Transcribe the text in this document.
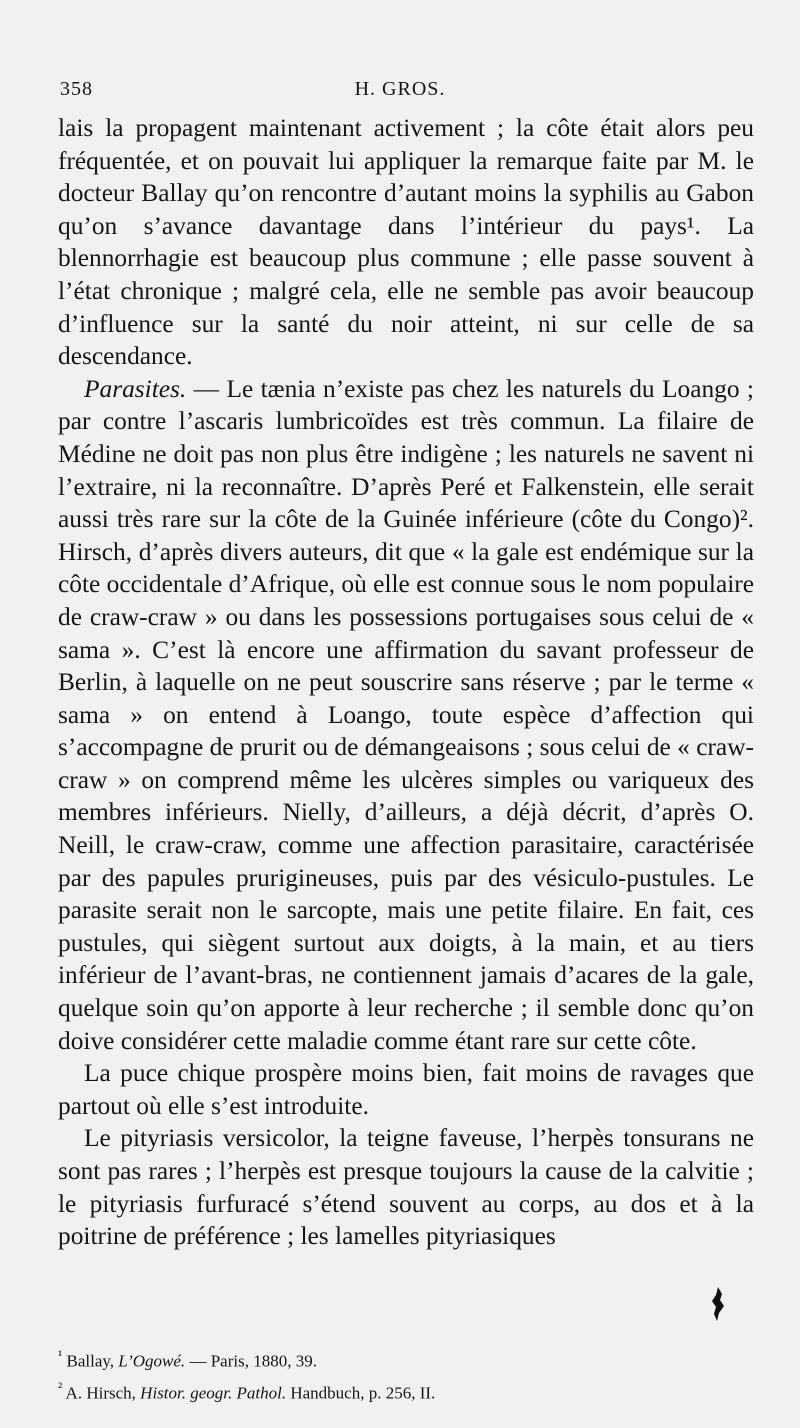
358	H. GROS.

lais la propagent maintenant activement ; la côte était alors peu fréquentée, et on pouvait lui appliquer la remarque faite par M. le docteur Ballay qu’on rencontre d’autant moins la syphilis au Gabon qu’on s’avance davantage dans l’intérieur du pays¹. La blennorrhagie est beaucoup plus commune ; elle passe souvent à l’état chronique ; malgré cela, elle ne semble pas avoir beaucoup d’influence sur la santé du noir atteint, ni sur celle de sa descendance.

Parasites. — Le tænia n’existe pas chez les naturels du Loango ; par contre l’ascaris lumbricoïdes est très commun. La filaire de Médine ne doit pas non plus être indigène ; les naturels ne savent ni l’extraire, ni la reconnaître. D’après Peré et Falkenstein, elle serait aussi très rare sur la côte de la Guinée inférieure (côte du Congo)². Hirsch, d’après divers auteurs, dit que « la gale est endémique sur la côte occidentale d’Afrique, où elle est connue sous le nom populaire de craw-craw » ou dans les possessions portugaises sous celui de « sama ». C’est là encore une affirmation du savant professeur de Berlin, à laquelle on ne peut souscrire sans réserve ; par le terme « sama » on entend à Loango, toute espèce d’affection qui s’accompagne de prurit ou de démangeaisons ; sous celui de « craw-craw » on comprend même les ulcères simples ou variqueux des membres inférieurs. Nielly, d’ailleurs, a déjà décrit, d’après O. Neill, le craw-craw, comme une affection parasitaire, caractérisée par des papules prurigineuses, puis par des vésiculo-pustules. Le parasite serait non le sarcopte, mais une petite filaire. En fait, ces pustules, qui siègent surtout aux doigts, à la main, et au tiers inférieur de l’avant-bras, ne contiennent jamais d’acares de la gale, quelque soin qu’on apporte à leur recherche ; il semble donc qu’on doive considérer cette maladie comme étant rare sur cette côte.

La puce chique prospère moins bien, fait moins de ravages que partout où elle s’est introduite.

Le pityriasis versicolor, la teigne faveuse, l’herpès tonsurans ne sont pas rares ; l’herpès est presque toujours la cause de la calvitie ; le pityriasis furfuracé s’étend souvent au corps, au dos et à la poitrine de préférence ; les lamelles pityriasiques

$^{^1}$ Ballay, L’Ogowé. — Paris, 1880, 39.
$^{^2}$ A. Hirsch, Histor. geogr. Pathol. Handbuch, p. 256, II.
